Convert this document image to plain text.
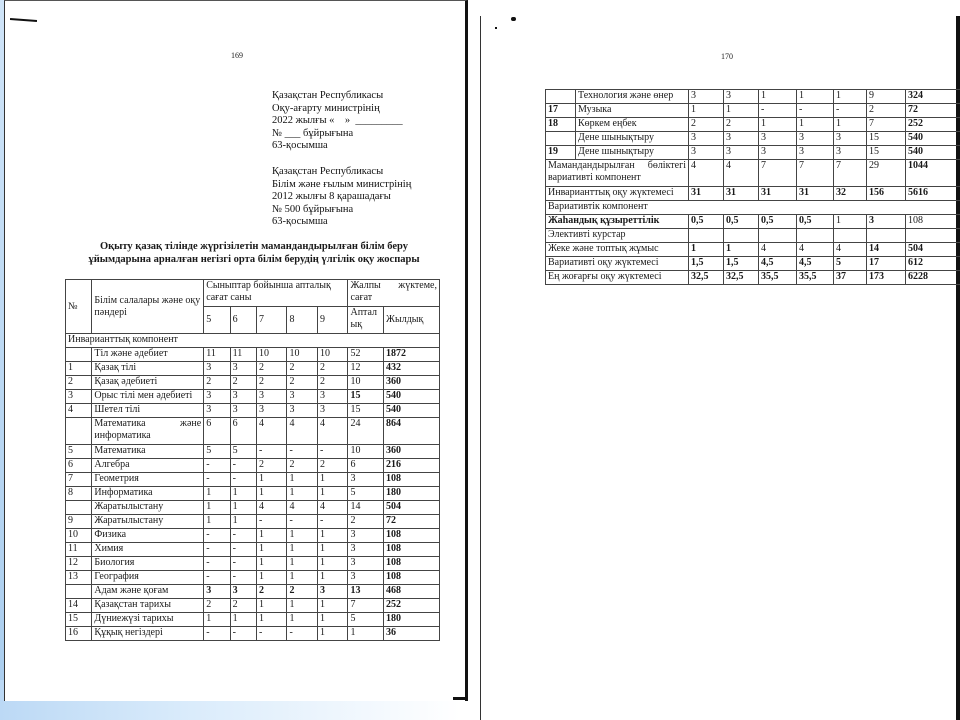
169
Қазақстан Республикасы
Оқу-ағарту министрінің
2022 жылғы «    »  _________
№ ___ бұйрығына
63-қосымша
Қазақстан Республикасы
Білім және ғылым министрінің
2012 жылғы 8 қарашадағы
№ 500 бұйрығына
63-қосымша
Оқыту қазақ тілінде жүргізілетін мамандандырылған білім беру
ұйымдарына арналған негізгі орта білім берудің үлгілік оқу жоспары
№	Білім салалары және оқу пәндері	Сыныптар бойынша апталық сағат саны					Жалпы жүктеме, сағат	
		5	6	7	8	9	Апталық	Жылдық
Инварианттық компонент								
	Тіл және әдебиет	11	11	10	10	10	52	1872
1	Қазақ тілі	3	3	2	2	2	12	432
2	Қазақ әдебиеті	2	2	2	2	2	10	360
3	Орыс тілі мен әдебиеті	3	3	3	3	3	15	540
4	Шетел тілі	3	3	3	3	3	15	540
	Математика және информатика	6	6	4	4	4	24	864
5	Математика	5	5	-	-	-	10	360
6	Алгебра	-	-	2	2	2	6	216
7	Геометрия	-	-	1	1	1	3	108
8	Информатика	1	1	1	1	1	5	180
	Жаратылыстану	1	1	4	4	4	14	504
9	Жаратылыстану	1	1	-	-	-	2	72
10	Физика	-	-	1	1	1	3	108
11	Химия	-	-	1	1	1	3	108
12	Биология	-	-	1	1	1	3	108
13	География	-	-	1	1	1	3	108
	Адам және қоғам	3	3	2	2	3	13	468
14	Қазақстан тарихы	2	2	1	1	1	7	252
15	Дүниежүзі тарихы	1	1	1	1	1	5	180
16	Құқық негіздері	-	-	-	-	1	1	36
170
	Технология және өнер	3	3	1	1	1	9	324
17	Музыка	1	1	-	-	-	2	72
18	Көркем еңбек	2	2	1	1	1	7	252
	Дене шынықтыру	3	3	3	3	3	15	540
19	Дене шынықтыру	3	3	3	3	3	15	540
Мамандандырылған бөліктегі вариативті компонент		4	4	7	7	7	29	1044
Инварианттық оқу жүктемесі		31	31	31	31	32	156	5616
Вариативтік компонент								
Жаһандық құзыреттілік		0,5	0,5	0,5	0,5	1	3	108
Элективті курстар								
Жеке және топтық жұмыс		1	1	4	4	4	14	504
Вариативті оқу жүктемесі		1,5	1,5	4,5	4,5	5	17	612
Ең жоғарғы оқу жүктемесі		32,5	32,5	35,5	35,5	37	173	6228
